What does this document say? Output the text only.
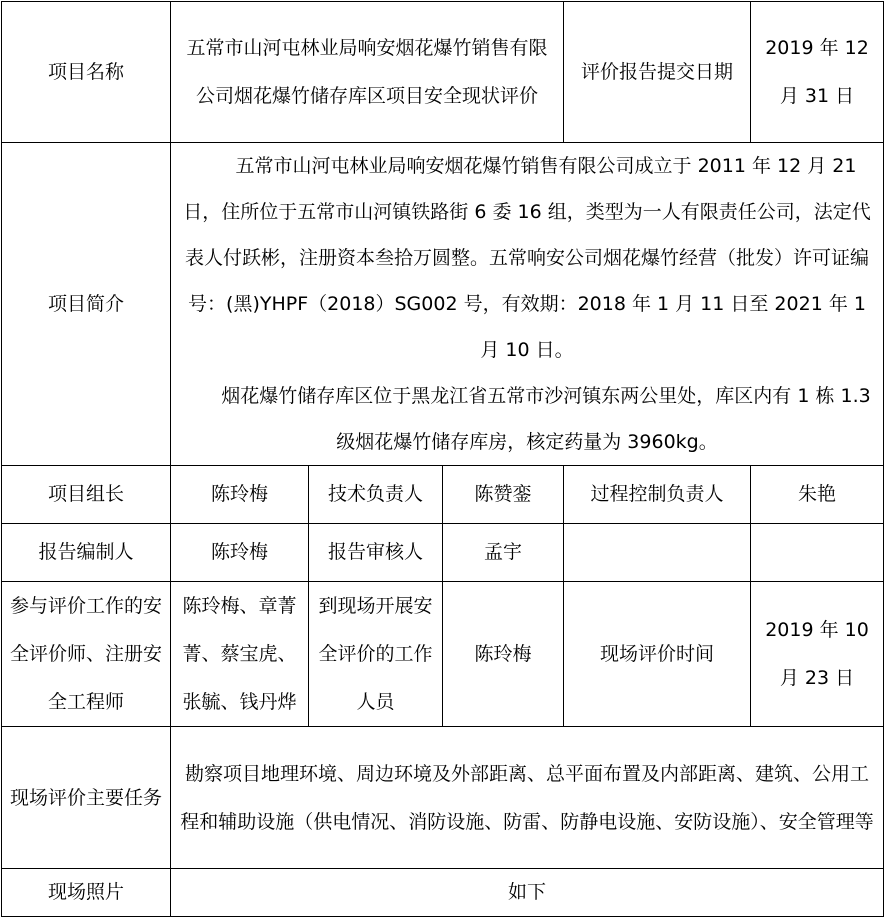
项目名称	五常市山河屯林业局响安烟花爆竹销售有限公司烟花爆竹储存库区项目安全现状评价			评价报告提交日期	2019 年 12 月 31 日
项目简介	五常市山河屯林业局响安烟花爆竹销售有限公司成立于 2011 年 12 月 21 日，住所位于五常市山河镇铁路街 6 委 16 组，类型为一人有限责任公司，法定代表人付跃彬，注册资本叁拾万圆整。五常响安公司烟花爆竹经营（批发）许可证编号：(黑)YHPF（2018）SG002 号，有效期：2018 年 1 月 11 日至 2021 年 1 月 10 日。
烟花爆竹储存库区位于黑龙江省五常市沙河镇东两公里处，库区内有 1 栋 1.3 级烟花爆竹储存库房，核定药量为 3960kg。				

项目组长	陈玲梅	技术负责人	陈赞銮	过程控制负责人	朱艳
报告编制人	陈玲梅	报告审核人	孟宇		
参与评价工作的安全评价师、注册安全工程师	陈玲梅、章菁菁、蔡宝虎、张毓、钱丹烨	到现场开展安全评价的工作人员	陈玲梅	现场评价时间	2019 年 10 月 23 日
现场评价主要任务	勘察项目地理环境、周边环境及外部距离、总平面布置及内部距离、建筑、公用工程和辅助设施（供电情况、消防设施、防雷、防静电设施、安防设施）、安全管理等				
现场照片	如下				
